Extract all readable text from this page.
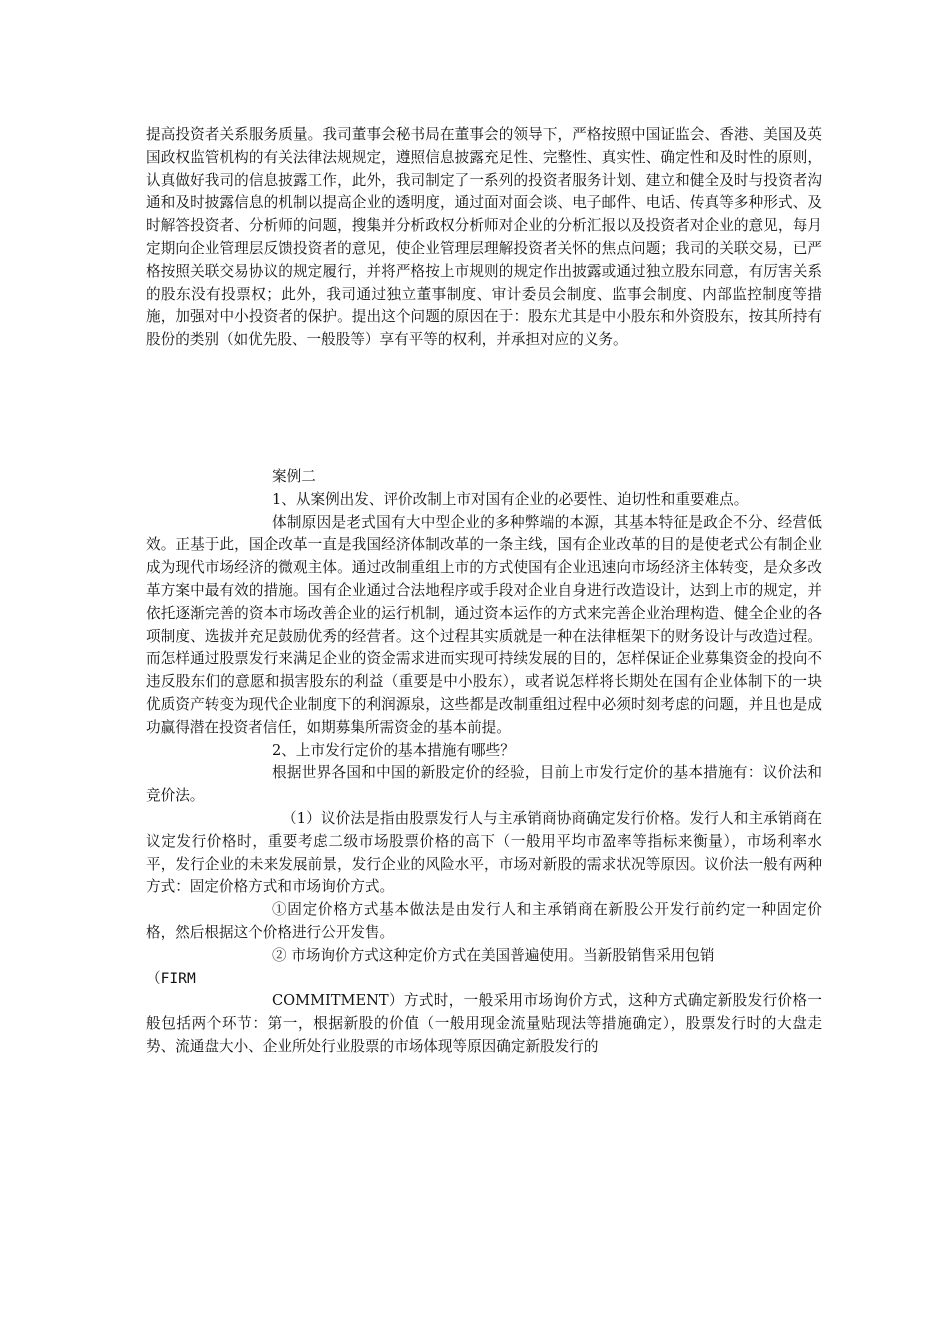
提高投资者关系服务质量。我司董事会秘书局在董事会的领导下，严格按照中国证监会、香港、美国及英国政权监管机构的有关法律法规规定，遵照信息披露充足性、完整性、真实性、确定性和及时性的原则，认真做好我司的信息披露工作，此外，我司制定了一系列的投资者服务计划、建立和健全及时与投资者沟通和及时披露信息的机制以提高企业的透明度，通过面对面会谈、电子邮件、电话、传真等多种形式、及时解答投资者、分析师的问题，搜集并分析政权分析师对企业的分析汇报以及投资者对企业的意见，每月定期向企业管理层反馈投资者的意见，使企业管理层理解投资者关怀的焦点问题；我司的关联交易，已严格按照关联交易协议的规定履行，并将严格按上市规则的规定作出披露或通过独立股东同意，有厉害关系的股东没有投票权；此外，我司通过独立董事制度、审计委员会制度、监事会制度、内部监控制度等措施，加强对中小投资者的保护。提出这个问题的原因在于：股东尤其是中小股东和外资股东，按其所持有股份的类别（如优先股、一般股等）享有平等的权利，并承担对应的义务。

案例二

1、从案例出发、评价改制上市对国有企业的必要性、迫切性和重要难点。

体制原因是老式国有大中型企业的多种弊端的本源，其基本特征是政企不分、经营低效。正基于此，国企改革一直是我国经济体制改革的一条主线，国有企业改革的目的是使老式公有制企业成为现代市场经济的微观主体。通过改制重组上市的方式使国有企业迅速向市场经济主体转变，是众多改革方案中最有效的措施。国有企业通过合法地程序或手段对企业自身进行改造设计，达到上市的规定，并依托逐渐完善的资本市场改善企业的运行机制，通过资本运作的方式来完善企业治理构造、健全企业的各项制度、选拔并充足鼓励优秀的经营者。这个过程其实质就是一种在法律框架下的财务设计与改造过程。而怎样通过股票发行来满足企业的资金需求进而实现可持续发展的目的，怎样保证企业募集资金的投向不违反股东们的意愿和损害股东的利益（重要是中小股东），或者说怎样将长期处在国有企业体制下的一块优质资产转变为现代企业制度下的利润源泉，这些都是改制重组过程中必须时刻考虑的问题，并且也是成功赢得潜在投资者信任，如期募集所需资金的基本前提。

2、上市发行定价的基本措施有哪些？

根据世界各国和中国的新股定价的经验，目前上市发行定价的基本措施有：议价法和竞价法。

（1）议价法是指由股票发行人与主承销商协商确定发行价格。发行人和主承销商在议定发行价格时，重要考虑二级市场股票价格的高下（一般用平均市盈率等指标来衡量），市场利率水平，发行企业的未来发展前景，发行企业的风险水平，市场对新股的需求状况等原因。议价法一般有两种方式：固定价格方式和市场询价方式。

①固定价格方式基本做法是由发行人和主承销商在新股公开发行前约定一种固定价格，然后根据这个价格进行公开发售。

② 市场询价方式这种定价方式在美国普遍使用。当新股销售采用包销

（FIRM

COMMITMENT）方式时，一般采用市场询价方式，这种方式确定新股发行价格一般包括两个环节：第一，根据新股的价值（一般用现金流量贴现法等措施确定），股票发行时的大盘走势、流通盘大小、企业所处行业股票的市场体现等原因确定新股发行的
